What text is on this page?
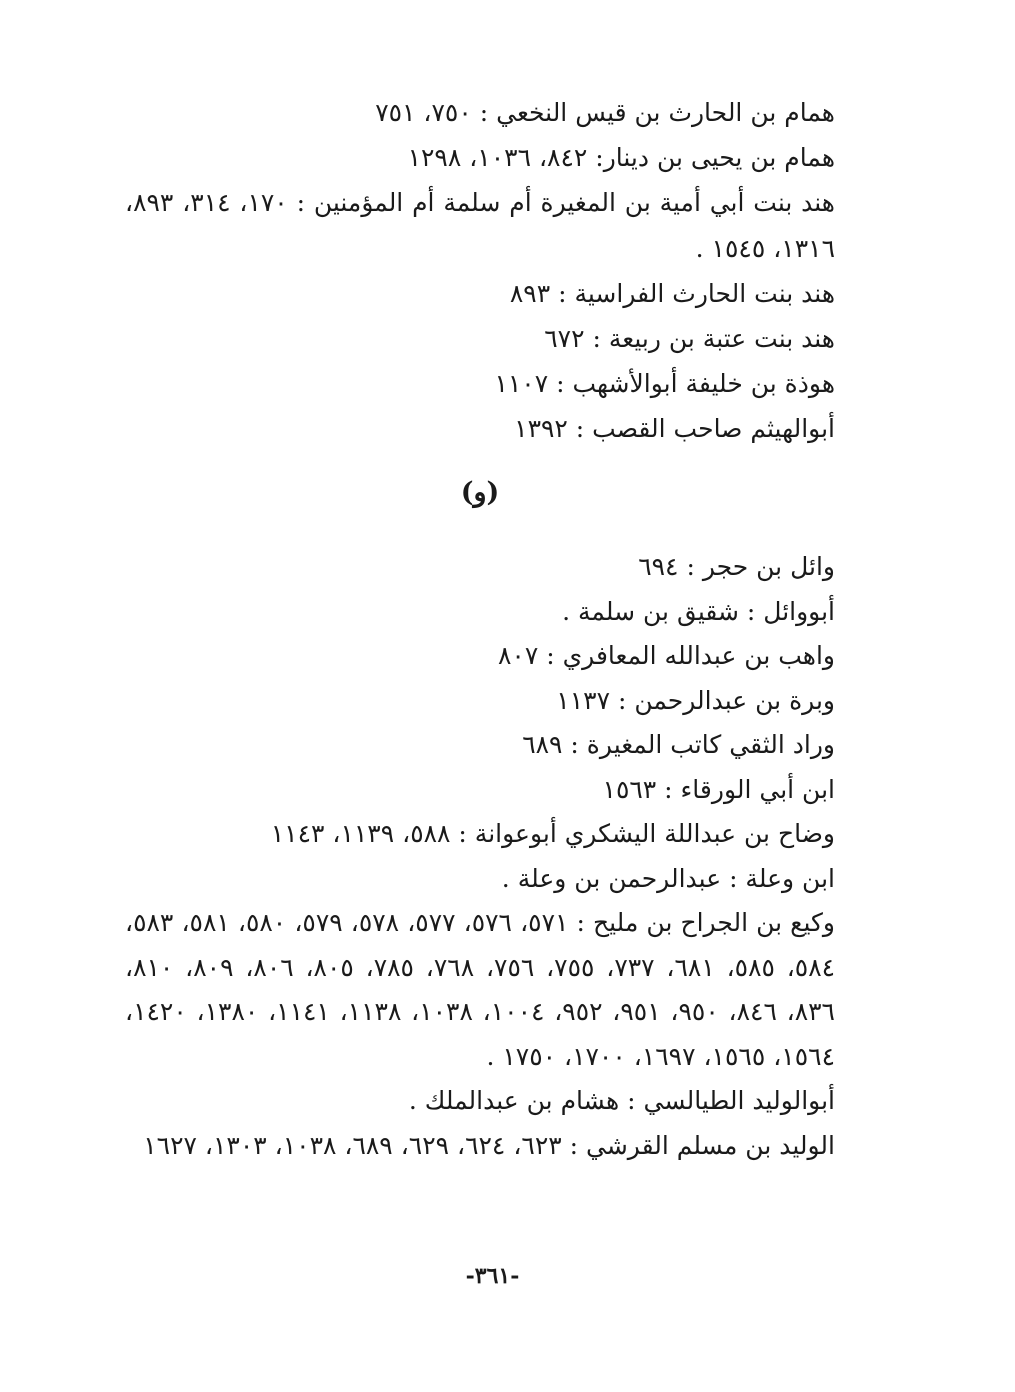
همام بن الحارث بن قيس النخعي : ٧٥٠، ٧٥١

همام بن يحيى بن دينار: ٨٤٢، ١٠٣٦، ١٢٩٨

هند بنت أبي أمية بن المغيرة أم سلمة أم المؤمنين : ١٧٠، ٣١٤، ٨٩٣، ١٣١٦، ١٥٤٥ .

هند بنت الحارث الفراسية : ٨٩٣

هند بنت عتبة بن ربيعة : ٦٧٢

هوذة بن خليفة أبوالأشهب : ١١٠٧

أبوالهيثم صاحب القصب : ١٣٩٢

(و)

وائل بن حجر : ٦٩٤

أبووائل : شقيق بن سلمة .

واهب بن عبدالله المعافري : ٨٠٧

وبرة بن عبدالرحمن : ١١٣٧

وراد الثقي كاتب المغيرة : ٦٨٩

ابن أبي الورقاء : ١٥٦٣

وضاح بن عبداللة اليشكري أبوعوانة : ٥٨٨، ١١٣٩، ١١٤٣

ابن وعلة : عبدالرحمن بن وعلة .

وكيع بن الجراح بن مليح : ٥٧١، ٥٧٦، ٥٧٧، ٥٧٨، ٥٧٩، ٥٨٠، ٥٨١، ٥٨٣، ٥٨٤، ٥٨٥، ٦٨١، ٧٣٧، ٧٥٥، ٧٥٦، ٧٦٨، ٧٨٥، ٨٠٥، ٨٠٦، ٨٠٩، ٨١٠، ٨٣٦، ٨٤٦، ٩٥٠، ٩٥١، ٩٥٢، ١٠٠٤، ١٠٣٨، ١١٣٨، ١١٤١، ١٣٨٠، ١٤٢٠، ١٥٦٤، ١٥٦٥، ١٦٩٧، ١٧٠٠، ١٧٥٠ .

أبوالوليد الطيالسي : هشام بن عبدالملك .

الوليد بن مسلم القرشي : ٦٢٣، ٦٢٤، ٦٢٩، ٦٨٩، ١٠٣٨، ١٣٠٣، ١٦٢٧

-٣٦١-
